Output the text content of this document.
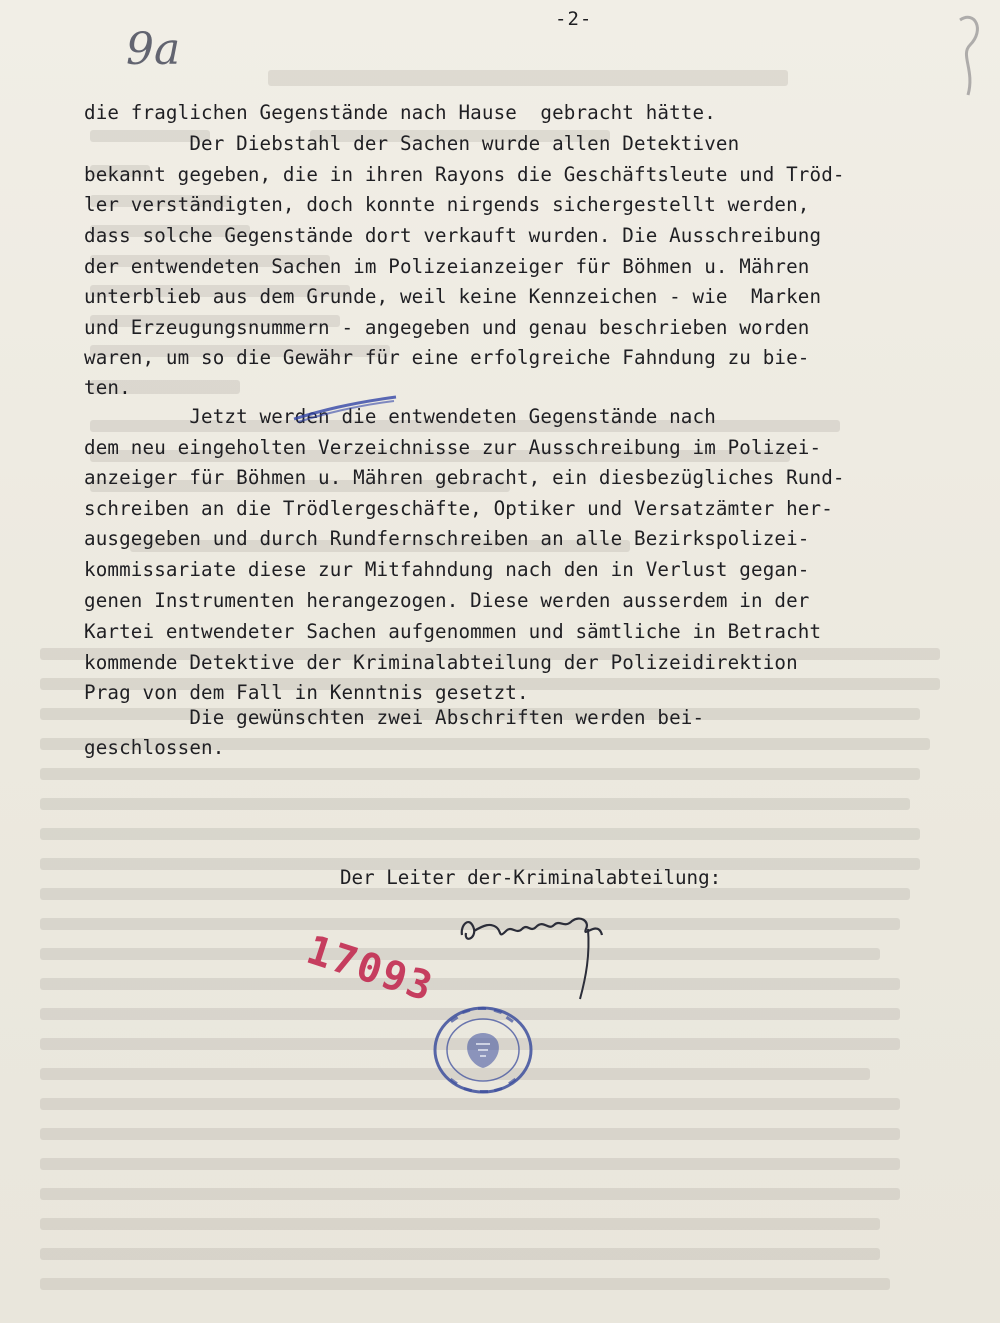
9a

-2-

die fraglichen Gegenstände nach Hause  gebracht hätte.

Der Diebstahl der Sachen wurde allen Detektiven

bekannt gegeben, die in ihren Rayons die Geschäftsleute und Tröd-

ler verständigten, doch konnte nirgends sichergestellt werden,

dass solche Gegenstände dort verkauft wurden. Die Ausschreibung

der entwendeten Sachen im Polizeianzeiger für Böhmen u. Mähren

unterblieb aus dem Grunde, weil keine Kennzeichen - wie  Marken

und Erzeugungsnummern - angegeben und genau beschrieben worden

waren, um so die Gewähr für eine erfolgreiche Fahndung zu bie-

ten.

Jetzt werden die entwendeten Gegenstände nach

dem neu eingeholten Verzeichnisse zur Ausschreibung im Polizei-

anzeiger für Böhmen u. Mähren gebracht, ein diesbezügliches Rund-

schreiben an die Trödlergeschäfte, Optiker und Versatzämter her-

ausgegeben und durch Rundfernschreiben an alle Bezirkspolizei-

kommissariate diese zur Mitfahndung nach den in Verlust gegan-

genen Instrumenten herangezogen. Diese werden ausserdem in der

Kartei entwendeter Sachen aufgenommen und sämtliche in Betracht

kommende Detektive der Kriminalabteilung der Polizeidirektion

Prag von dem Fall in Kenntnis gesetzt.

Die gewünschten zwei Abschriften werden bei-

geschlossen.

Der Leiter der-Kriminalabteilung:

17093
